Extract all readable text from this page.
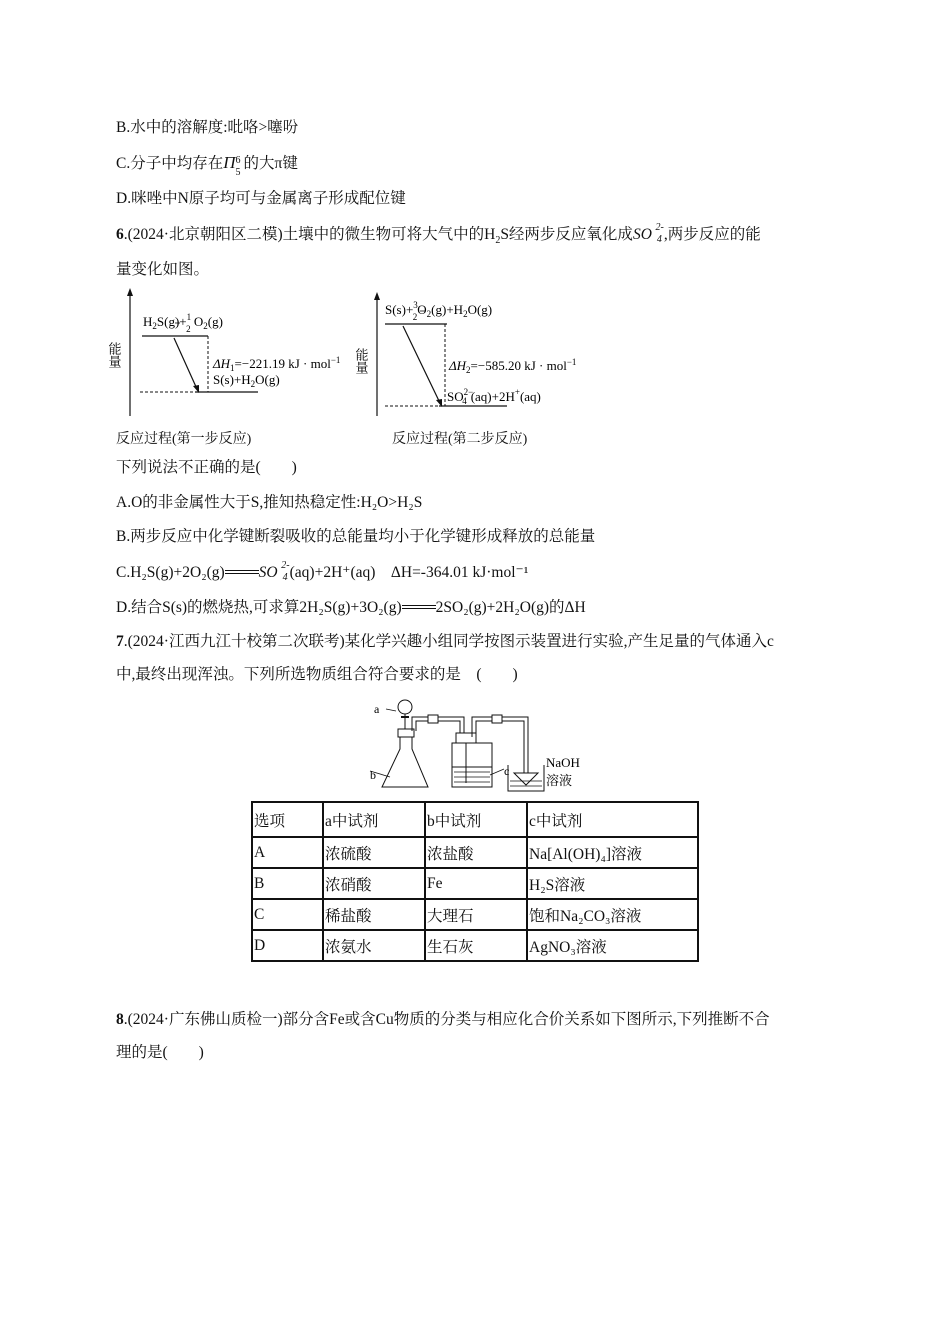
B.水中的溶解度:吡咯>噻吩
C.分子中均存在Π 6
5
的大π键
D.咪唑中N原子均可与金属离子形成配位键
6.(2024·北京朝阳区二模)土壤中的微生物可将大气中的$H_2S$经两步反应氧化成SO 2-
4 ,两步反应的能
量变化如图。
能量
$H_2S(g)+^1$ 2 $O_2(g)$
$\Delta H_1=-221.19$ kJ · mol$^{-1}$
$S(s)+H_2O(g)$
反应过程(第一步反应)
能量
S(s)+$^3$ $2O_2(g)+H_2O(g)$
$\Delta H_2=-585.20$ kJ · mol$^{-1}$
$SO^{2-}$ 4 (aq)+2H+(aq)
反应过程(第二步反应)
下列说法不正确的是(　　)
A.O的非金属性大于S,推知热稳定性:H₂O>H₂S
B.两步反应中化学键断裂吸收的总能量均小于化学键形成释放的总能量
C.H₂S(g)+2O₂(g) SO 2-
4 (aq)+2H⁺(aq) ΔH=-364.01 kJ·mol⁻¹
D.结合S(s)的燃烧热,可求算2H₂S(g)+3O₂(g) 2SO₂(g)+2H₂O(g)的ΔH
7.(2024·江西九江十校第二次联考)某化学兴趣小组同学按图示装置进行实验,产生足量的气体通入c
中,最终出现浑浊。下列所选物质组合符合要求的是　(　　)
a
b	c
NaOH
溶液
选项	a中试剂	b中试剂	c中试剂
A	浓硫酸	浓盐酸	Na[Al(OH)₄]溶液
B	浓硝酸	Fe	H₂S溶液
C	稀盐酸	大理石	饱和Na₂CO₃溶液
D	浓氨水	生石灰	AgNO₃溶液
8.(2024·广东佛山质检一)部分含Fe或含Cu物质的分类与相应化合价关系如下图所示,下列推断不合
理的是(　　)
